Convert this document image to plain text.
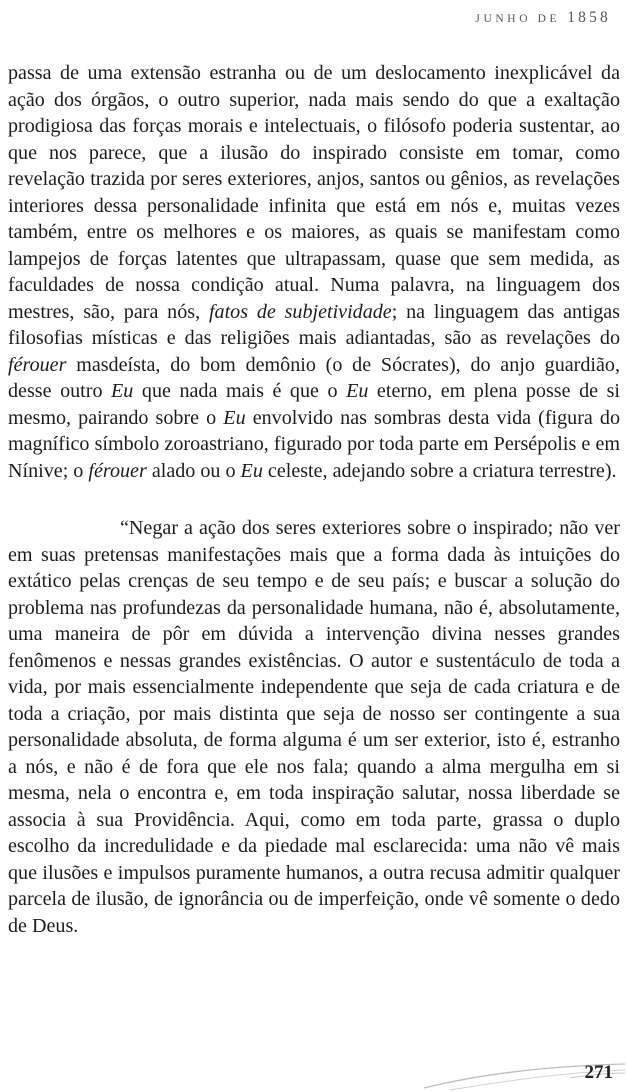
JUNHO DE 1858

passa de uma extensão estranha ou de um deslocamento inexplicável da ação dos órgãos, o outro superior, nada mais sendo do que a exaltação prodigiosa das forças morais e intelectuais, o filósofo poderia sustentar, ao que nos parece, que a ilusão do inspirado consiste em tomar, como revelação trazida por seres exteriores, anjos, santos ou gênios, as revelações interiores dessa personalidade infinita que está em nós e, muitas vezes também, entre os melhores e os maiores, as quais se manifestam como lampejos de forças latentes que ultrapassam, quase que sem medida, as faculdades de nossa condição atual. Numa palavra, na linguagem dos mestres, são, para nós, fatos de subjetividade; na linguagem das antigas filosofias místicas e das religiões mais adiantadas, são as revelações do férouer masdeísta, do bom demônio (o de Sócrates), do anjo guardião, desse outro Eu que nada mais é que o Eu eterno, em plena posse de si mesmo, pairando sobre o Eu envolvido nas sombras desta vida (figura do magnífico símbolo zoroastriano, figurado por toda parte em Persépolis e em Nínive; o férouer alado ou o Eu celeste, adejando sobre a criatura terrestre).

“Negar a ação dos seres exteriores sobre o inspirado; não ver em suas pretensas manifestações mais que a forma dada às intuições do extático pelas crenças de seu tempo e de seu país; e buscar a solução do problema nas profundezas da personalidade humana, não é, absolutamente, uma maneira de pôr em dúvida a intervenção divina nesses grandes fenômenos e nessas grandes existências. O autor e sustentáculo de toda a vida, por mais essencialmente independente que seja de cada criatura e de toda a criação, por mais distinta que seja de nosso ser contingente a sua personalidade absoluta, de forma alguma é um ser exterior, isto é, estranho a nós, e não é de fora que ele nos fala; quando a alma mergulha em si mesma, nela o encontra e, em toda inspiração salutar, nossa liberdade se associa à sua Providência. Aqui, como em toda parte, grassa o duplo escolho da incredulidade e da piedade mal esclarecida: uma não vê mais que ilusões e impulsos puramente humanos, a outra recusa admitir qualquer parcela de ilusão, de ignorância ou de imperfeição, onde vê somente o dedo de Deus.

271
